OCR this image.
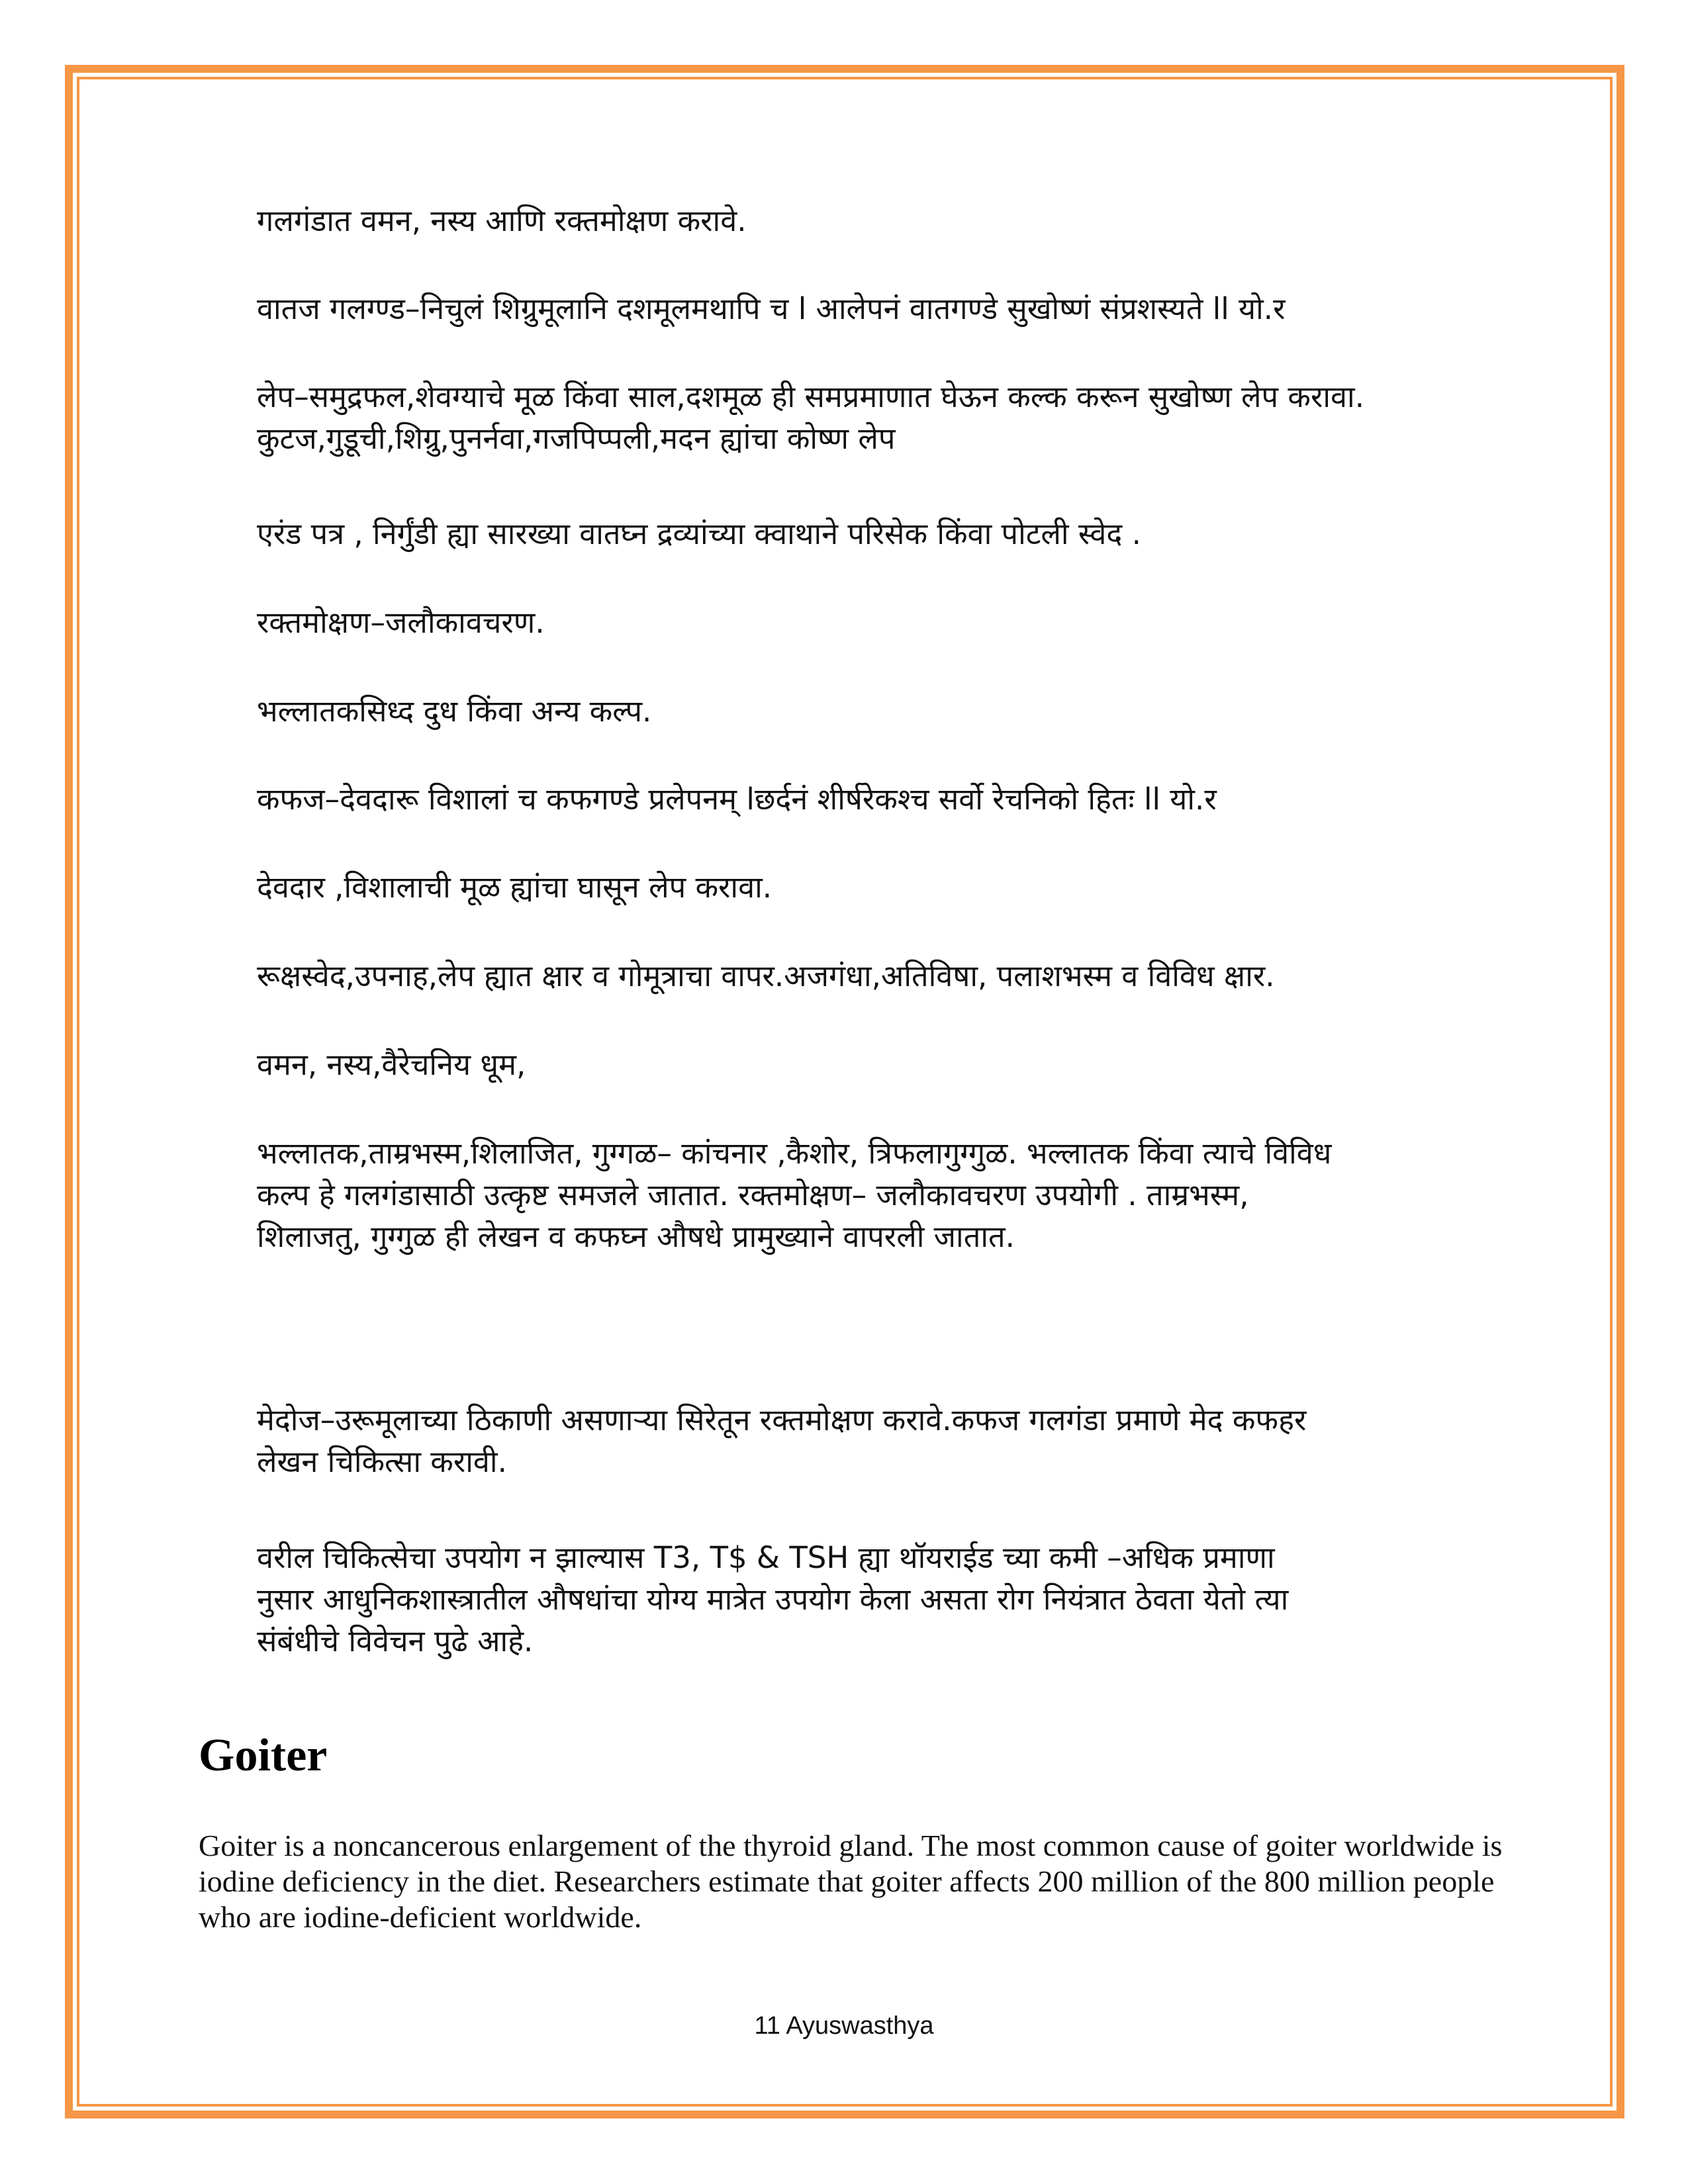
गलगंडात वमन, नस्य आणि रक्तमोक्षण करावे.

वातज गलग्ण्ड–निचुलं शिग्रुमूलानि दशमूलमथापि च l आलेपनं वातगण्डे सुखोष्णं संप्रशस्यते ll यो.र

लेप–समुद्रफल,शेवग्याचे मूळ किंवा साल,दशमूळ ही समप्रमाणात घेऊन कल्क करून सुखोष्ण लेप करावा.
कुटज,गुडूची,शिग्रु,पुनर्नवा,गजपिप्पली,मदन ह्यांचा कोष्ण लेप

एरंड पत्र , निर्गुंडी ह्या सारख्या वातघ्न द्रव्यांच्या क्वाथाने परिसेक किंवा पोटली स्वेद .

रक्तमोक्षण–जलौकावचरण.

भल्लातकसिध्द दुध किंवा अन्य कल्प.

कफज–देवदारू विशालां च कफगण्डे प्रलेपनम् lछर्दनं शीर्षरेकश्च सर्वो रेचनिको हितः ll यो.र

देवदार ,विशालाची मूळ ह्यांचा घासून लेप करावा.

रूक्षस्वेद,उपनाह,लेप ह्यात क्षार व गोमूत्राचा वापर.अजगंधा,अतिविषा, पलाशभस्म व विविध क्षार.

वमन, नस्य,वैरेचनिय धूम,

भल्लातक,ताम्रभस्म,शिलाजित, गुग्गळ– कांचनार ,कैशोर, त्रिफलागुग्गुळ. भल्लातक किंवा त्याचे विविध
कल्प हे गलगंडासाठी उत्कृष्ट समजले जातात. रक्तमोक्षण– जलौकावचरण उपयोगी . ताम्रभस्म,
शिलाजतु, गुग्गुळ ही लेखन व कफघ्न औषधे प्रामुख्याने वापरली जातात.
मेदोज–उरूमूलाच्या ठिकाणी असणाऱ्या सिरेतून रक्तमोक्षण करावे.कफज गलगंडा प्रमाणे मेद कफहर
लेखन चिकित्सा करावी.
वरील चिकित्सेचा उपयोग न झाल्यास T3, T$ & TSH ह्या थॉयराईड च्या कमी –अधिक प्रमाणा
नुसार आधुनिकशास्त्रातील औषधांचा योग्य मात्रेत उपयोग केला असता रोग नियंत्रात ठेवता येतो त्या
संबंधीचे विवेचन पुढे आहे.
Goiter

Goiter is a noncancerous enlargement of the thyroid gland. The most common cause of goiter worldwide is iodine deficiency in the diet. Researchers estimate that goiter affects 200 million of the 800 million people who are iodine-deficient worldwide.

11 Ayuswasthya
